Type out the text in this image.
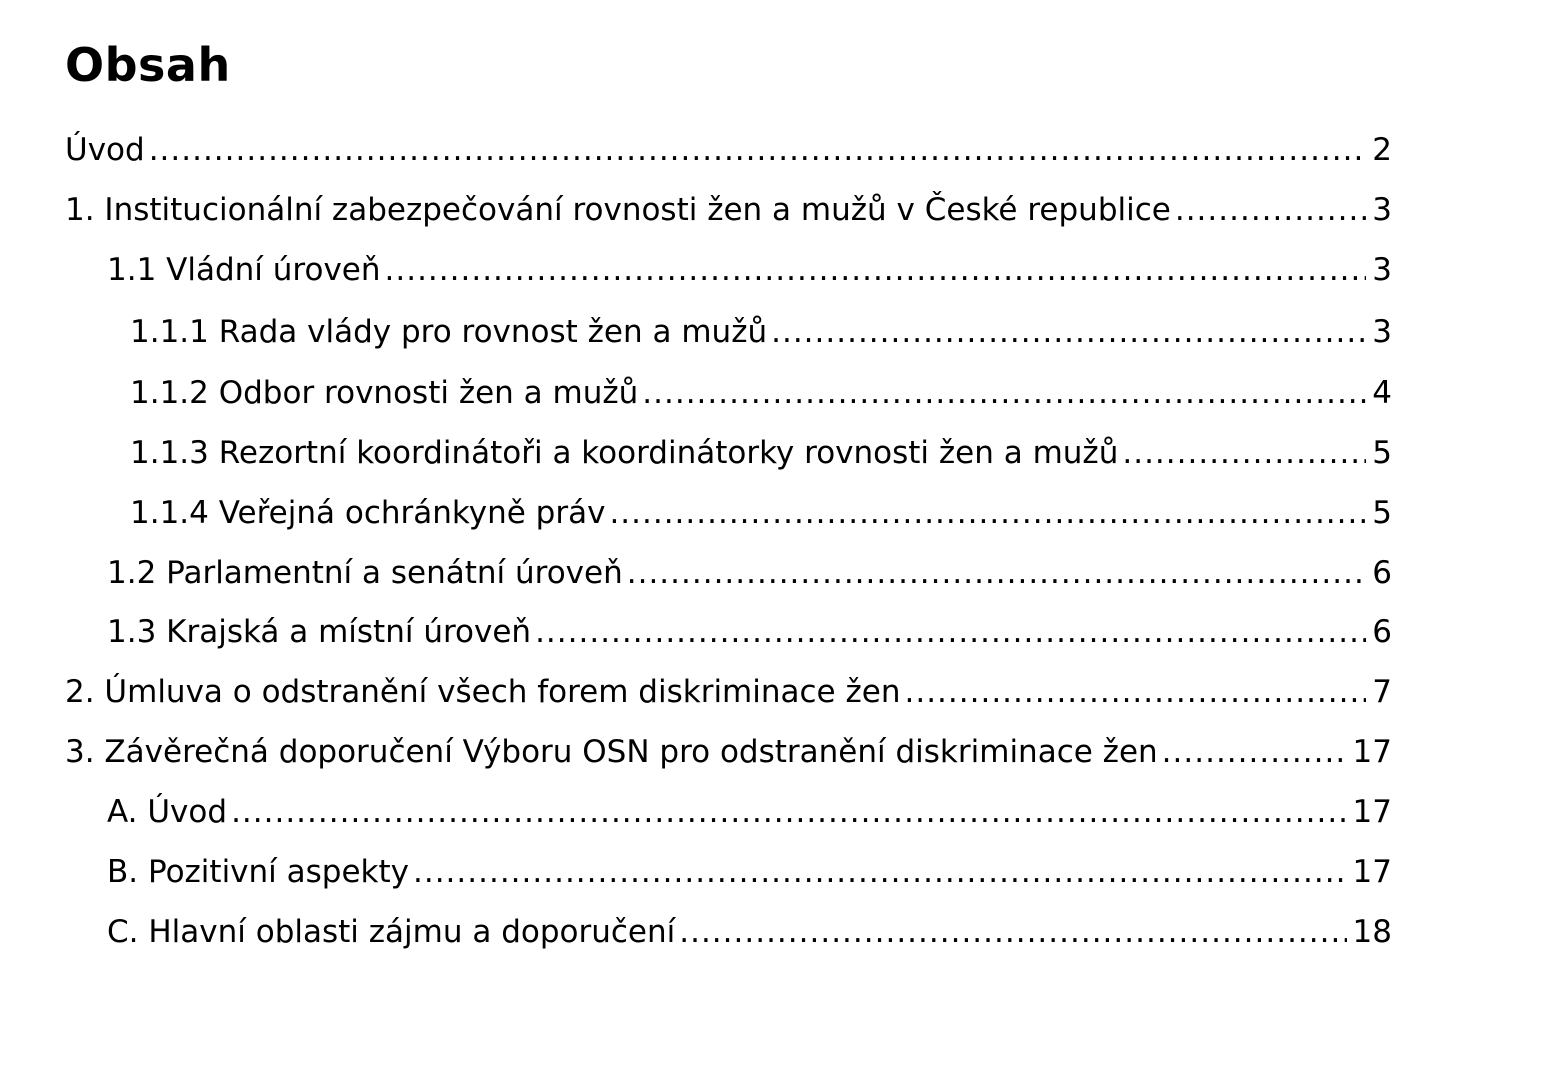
Obsah
Úvod .....	2
1. Institucionální zabezpečování rovnosti žen a mužů v České republice .....	3
1.1 Vládní úroveň .....	3
1.1.1 Rada vlády pro rovnost žen a mužů .....	3
1.1.2 Odbor rovnosti žen a mužů .....	4
1.1.3 Rezortní koordinátoři a koordinátorky rovnosti žen a mužů .....	5
1.1.4 Veřejná ochránkyně práv .....	5
1.2 Parlamentní a senátní úroveň .....	6
1.3 Krajská a místní úroveň .....	6
2. Úmluva o odstranění všech forem diskriminace žen .....	7
3. Závěrečná doporučení Výboru OSN pro odstranění diskriminace žen .....	17
A. Úvod .....	17
B. Pozitivní aspekty .....	17
C. Hlavní oblasti zájmu a doporučení .....	18
